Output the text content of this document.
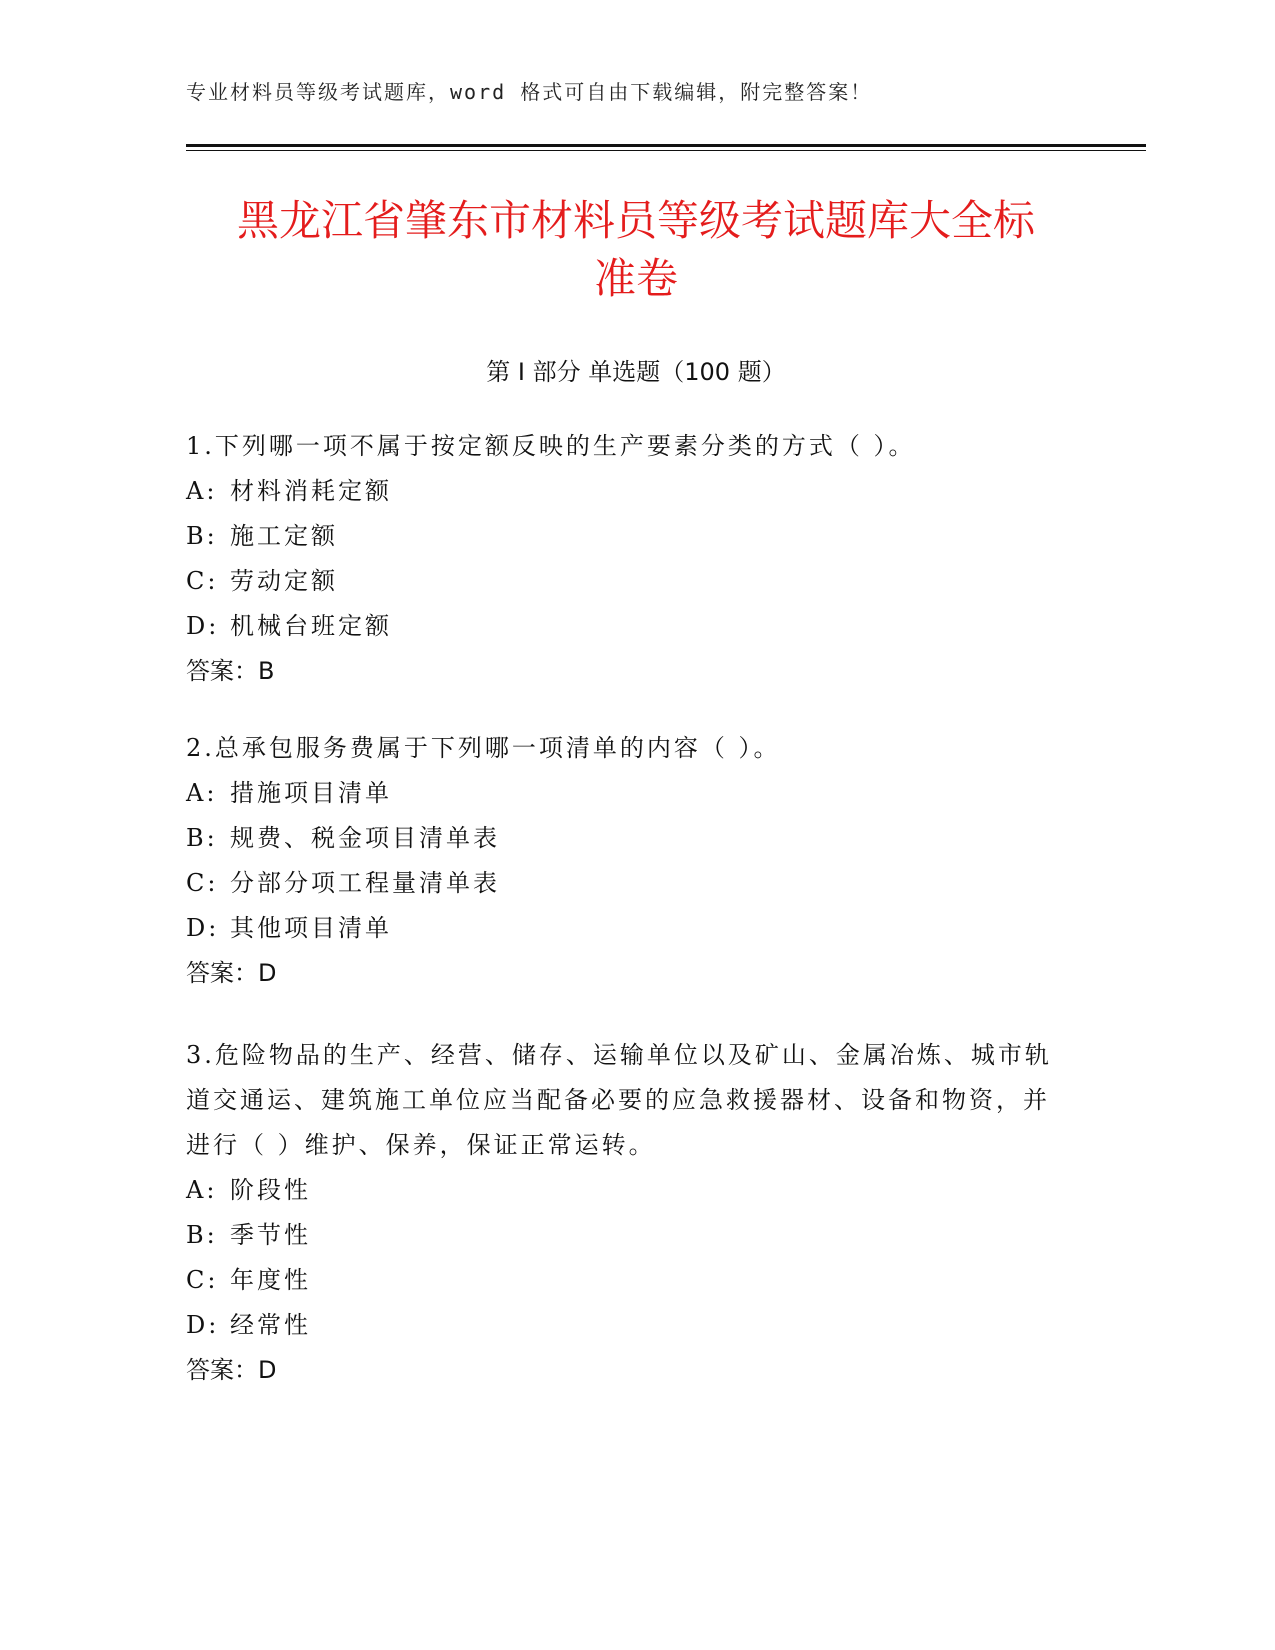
专业材料员等级考试题库，word 格式可自由下载编辑，附完整答案！
黑龙江省肇东市材料员等级考试题库大全标
准卷
第 I 部分 单选题（100 题）
1.下列哪一项不属于按定额反映的生产要素分类的方式（ ）。
A: 材料消耗定额
B: 施工定额
C: 劳动定额
D: 机械台班定额
答案：B
2.总承包服务费属于下列哪一项清单的内容（ ）。
A: 措施项目清单
B: 规费、税金项目清单表
C: 分部分项工程量清单表
D: 其他项目清单
答案：D
3.危险物品的生产、经营、储存、运输单位以及矿山、金属冶炼、城市轨道交通运、建筑施工单位应当配备必要的应急救援器材、设备和物资，并进行（ ）维护、保养，保证正常运转。
A: 阶段性
B: 季节性
C: 年度性
D: 经常性
答案：D
